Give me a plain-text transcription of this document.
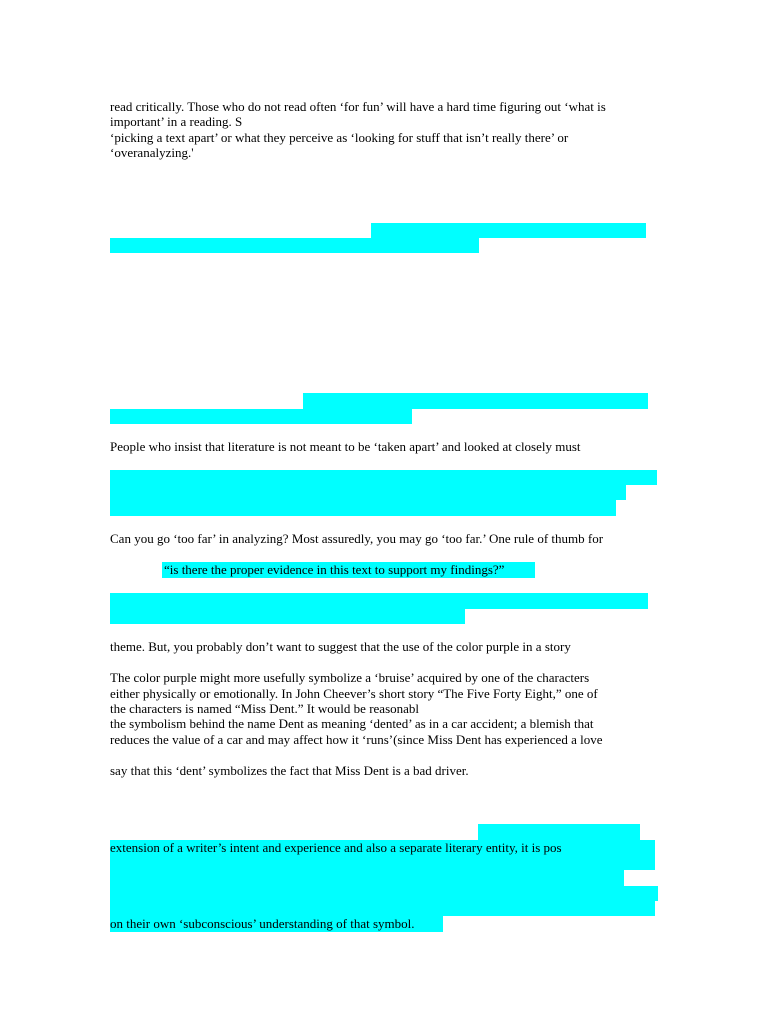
read critically. Those who do not read often ‘for fun’ will have a hard time figuring out ‘what is
important’ in a reading. S
‘picking a text apart’ or what they perceive as ‘looking for stuff that isn’t really there’ or
‘overanalyzing.'
People who insist that literature is not meant to be ‘taken apart’ and looked at closely must
Can you go ‘too far’ in analyzing? Most assuredly, you may go ‘too far.’ One rule of thumb for
“is there the proper evidence in this text to support my findings?”
theme. But, you probably don’t want to suggest that the use of the color purple in a story
The color purple might more usefully symbolize a ‘bruise’ acquired by one of the characters
either physically or emotionally. In John Cheever’s short story “The Five Forty Eight,” one of
the characters is named “Miss Dent.” It would be reasonabl
the symbolism behind the name Dent as meaning ‘dented’ as in a car accident; a blemish that
reduces the value of a car and may affect how it ‘runs’(since Miss Dent has experienced a love
say that this ‘dent’ symbolizes the fact that Miss Dent is a bad driver.
extension of a writer’s intent and experience and also a separate literary entity, it is pos
on their own ‘subconscious’ understanding of that symbol.
